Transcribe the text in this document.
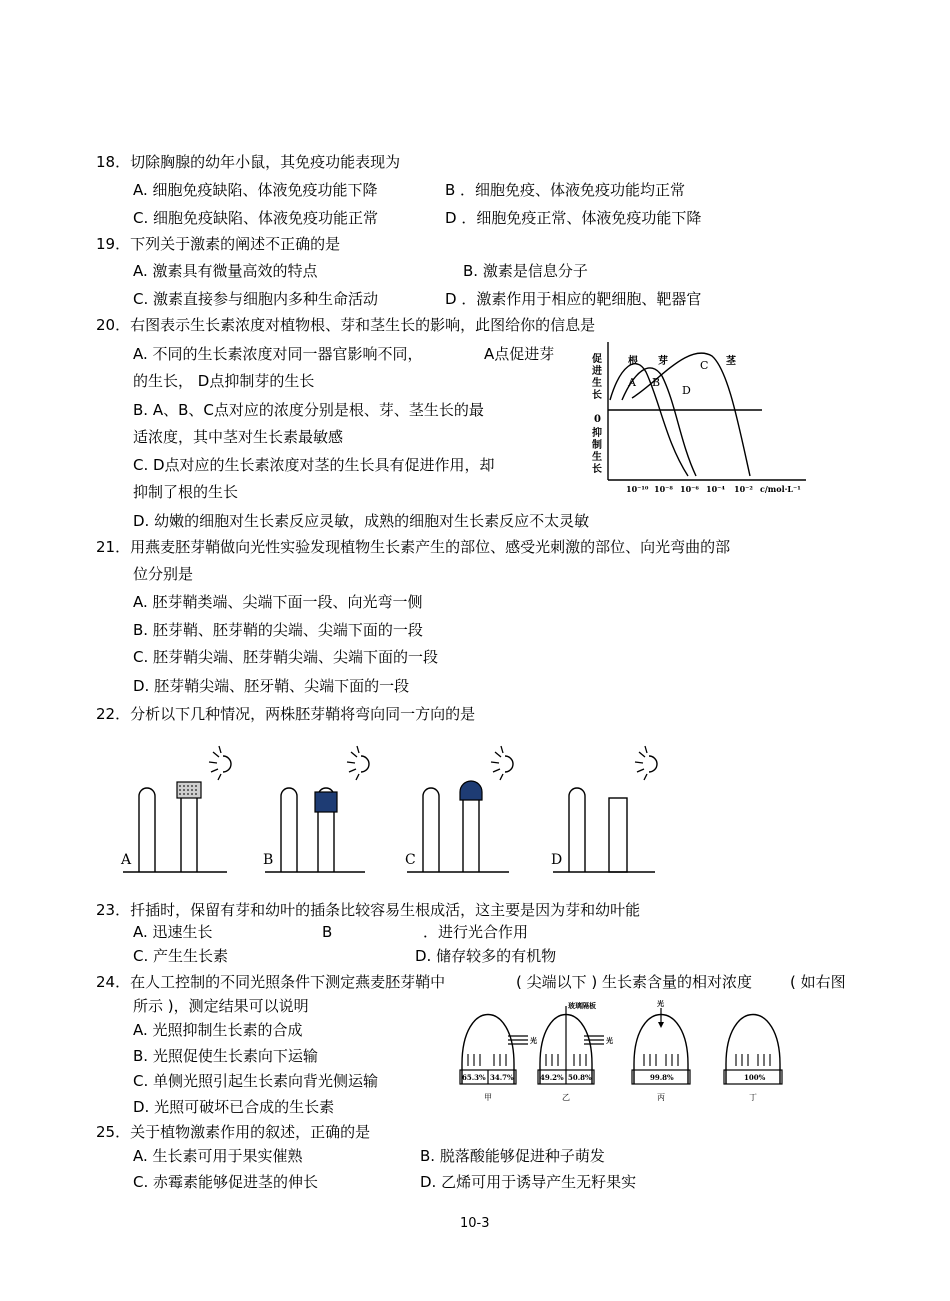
18．切除胸腺的幼年小鼠，其免疫功能表现为
A. 细胞免疫缺陷、体液免疫功能下降	B ．细胞免疫、体液免疫功能均正常
C. 细胞免疫缺陷、体液免疫功能正常	D ．细胞免疫正常、体液免疫功能下降
19．下列关于激素的阐述不正确的是
A. 激素具有微量高效的特点	B. 激素是信息分子
C. 激素直接参与细胞内多种生命活动	D ．激素作用于相应的靶细胞、靶器官
20．右图表示生长素浓度对植物根、芽和茎生长的影响，此图给你的信息是
A. 不同的生长素浓度对同一器官影响不同，	A点促进芽
的生长， D点抑制芽的生长
B. A、B、C点对应的浓度分别是根、芽、茎生长的最
适浓度，其中茎对生长素最敏感
C. D点对应的生长素浓度对茎的生长具有促进作用，却
抑制了根的生长
D. 幼嫩的细胞对生长素反应灵敏，成熟的细胞对生长素反应不太灵敏
促
进
生
长
0
抑
制
生
长
根 芽	茎
A B
C
D
10⁻¹⁰ 10⁻⁸ 10⁻⁶ 10⁻⁴ 10⁻² c/mol·L⁻¹
21．用燕麦胚芽鞘做向光性实验发现植物生长素产生的部位、感受光刺激的部位、向光弯曲的部
位分别是
A. 胚芽鞘类端、尖端下面一段、向光弯一侧
B. 胚芽鞘、胚芽鞘的尖端、尖端下面的一段
C. 胚芽鞘尖端、胚芽鞘尖端、尖端下面的一段
D. 胚芽鞘尖端、胚牙鞘、尖端下面的一段
22．分析以下几种情况，两株胚芽鞘将弯向同一方向的是
A	B	C	D
23．扦插时，保留有芽和幼叶的插条比较容易生根成活，这主要是因为芽和幼叶能
A. 迅速生长	B	．进行光合作用
C. 产生生长素	D. 储存较多的有机物
24．在人工控制的不同光照条件下测定燕麦胚芽鞘中	( 尖端以下 ) 生长素含量的相对浓度	( 如右图
所示 )，测定结果可以说明
A. 光照抑制生长素的合成
B. 光照促使生长素向下运输
C. 单侧光照引起生长素向背光侧运输
D. 光照可破坏已合成的生长素
光	光
玻璃隔板	光
65.3% 34.7%	49.2% 50.8%	99.8%	100%
甲	乙	丙	丁
25．关于植物激素作用的叙述，正确的是
A. 生长素可用于果实催熟	B. 脱落酸能够促进种子萌发
C. 赤霉素能够促进茎的伸长	D. 乙烯可用于诱导产生无籽果实
10-3
